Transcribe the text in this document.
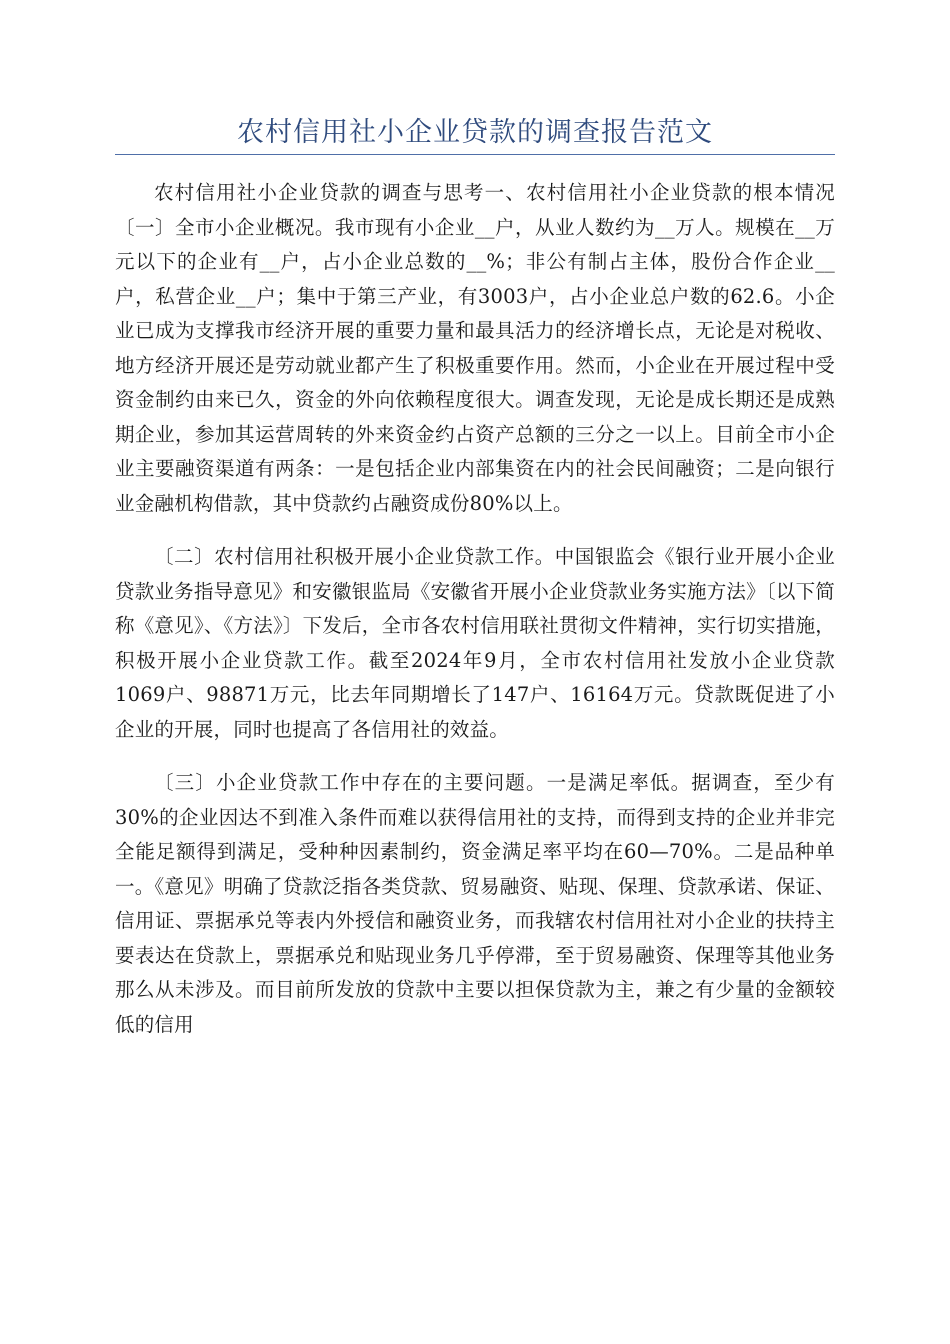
农村信用社小企业贷款的调查报告范文

农村信用社小企业贷款的调查与思考一、农村信用社小企业贷款的根本情况〔一〕全市小企业概况。我市现有小企业__户，从业人数约为__万人。规模在__万元以下的企业有__户，占小企业总数的__%；非公有制占主体，股份合作企业__户，私营企业__户；集中于第三产业，有3003户，占小企业总户数的62.6。小企业已成为支撑我市经济开展的重要力量和最具活力的经济增长点，无论是对税收、地方经济开展还是劳动就业都产生了积极重要作用。然而，小企业在开展过程中受资金制约由来已久，资金的外向依赖程度很大。调查发现，无论是成长期还是成熟期企业，参加其运营周转的外来资金约占资产总额的三分之一以上。目前全市小企业主要融资渠道有两条：一是包括企业内部集资在内的社会民间融资；二是向银行业金融机构借款，其中贷款约占融资成份80%以上。

〔二〕农村信用社积极开展小企业贷款工作。中国银监会《银行业开展小企业贷款业务指导意见》和安徽银监局《安徽省开展小企业贷款业务实施方法》〔以下简称《意见》、《方法》〕下发后，全市各农村信用联社贯彻文件精神，实行切实措施，积极开展小企业贷款工作。截至2024年9月，全市农村信用社发放小企业贷款1069户、98871万元，比去年同期增长了147户、16164万元。贷款既促进了小企业的开展，同时也提高了各信用社的效益。

〔三〕小企业贷款工作中存在的主要问题。一是满足率低。据调查，至少有30%的企业因达不到准入条件而难以获得信用社的支持，而得到支持的企业并非完全能足额得到满足，受种种因素制约，资金满足率平均在60—70%。二是品种单一。《意见》明确了贷款泛指各类贷款、贸易融资、贴现、保理、贷款承诺、保证、信用证、票据承兑等表内外授信和融资业务，而我辖农村信用社对小企业的扶持主要表达在贷款上，票据承兑和贴现业务几乎停滞，至于贸易融资、保理等其他业务那么从未涉及。而目前所发放的贷款中主要以担保贷款为主，兼之有少量的金额较低的信用
